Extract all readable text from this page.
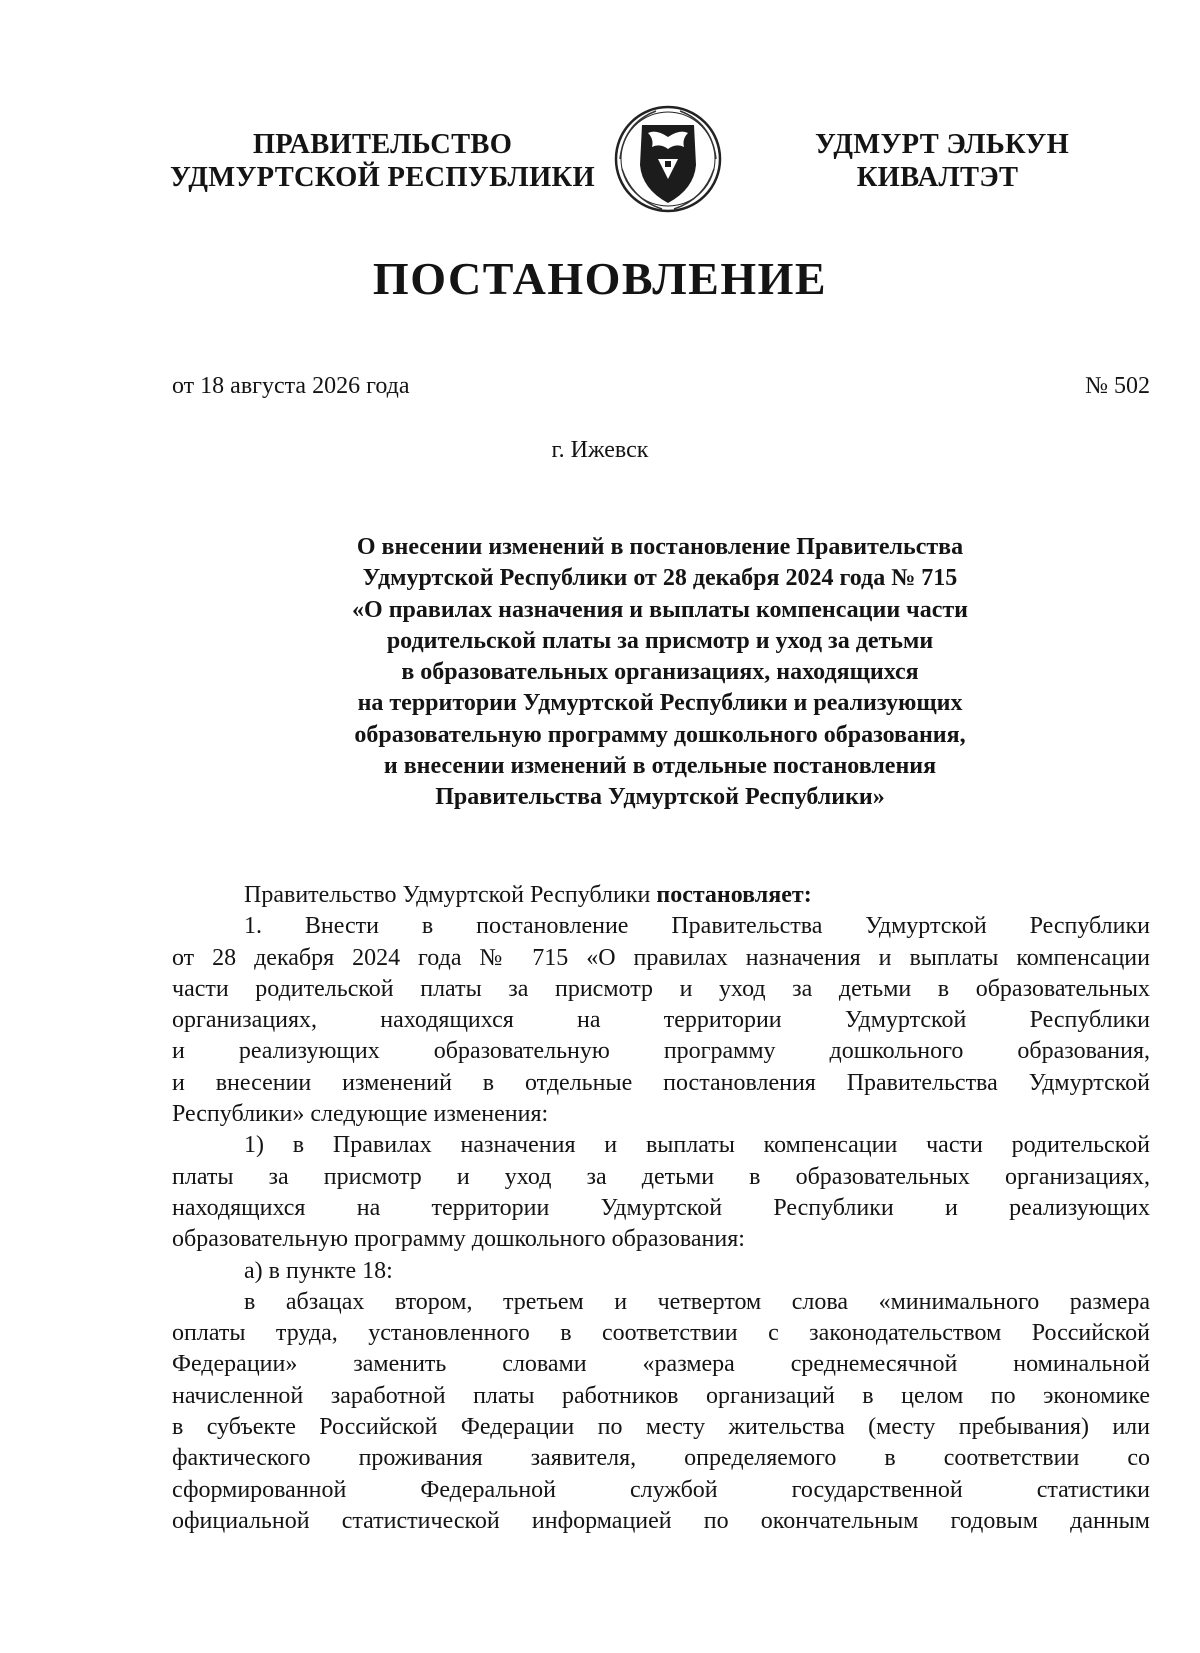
ПРАВИТЕЛЬСТВО
УДМУРТСКОЙ РЕСПУБЛИКИ
УДМУРТ ЭЛЬКУН
КИВАЛТЭТ
ПОСТАНОВЛЕНИЕ
от 18 августа 2026 года	№ 502
г. Ижевск
О внесении изменений в постановление Правительства
Удмуртской Республики от 28 декабря 2024 года № 715
«О правилах назначения и выплаты компенсации части
родительской платы за присмотр и уход за детьми
в образовательных организациях, находящихся
на территории Удмуртской Республики и реализующих
образовательную программу дошкольного образования,
и внесении изменений в отдельные постановления
Правительства Удмуртской Республики»
Правительство Удмуртской Республики постановляет:
1. Внести в постановление Правительства Удмуртской Республики
от 28 декабря 2024 года № 715 «О правилах назначения и выплаты компенсации
части родительской платы за присмотр и уход за детьми в образовательных
организациях, находящихся на территории Удмуртской Республики
и реализующих образовательную программу дошкольного образования,
и внесении изменений в отдельные постановления Правительства Удмуртской
Республики» следующие изменения:
1) в Правилах назначения и выплаты компенсации части родительской
платы за присмотр и уход за детьми в образовательных организациях,
находящихся на территории Удмуртской Республики и реализующих
образовательную программу дошкольного образования:
а) в пункте 18:
в абзацах втором, третьем и четвертом слова «минимального размера
оплаты труда, установленного в соответствии с законодательством Российской
Федерации» заменить словами «размера среднемесячной номинальной
начисленной заработной платы работников организаций в целом по экономике
в субъекте Российской Федерации по месту жительства (месту пребывания) или
фактического проживания заявителя, определяемого в соответствии со
сформированной Федеральной службой государственной статистики
официальной статистической информацией по окончательным годовым данным
